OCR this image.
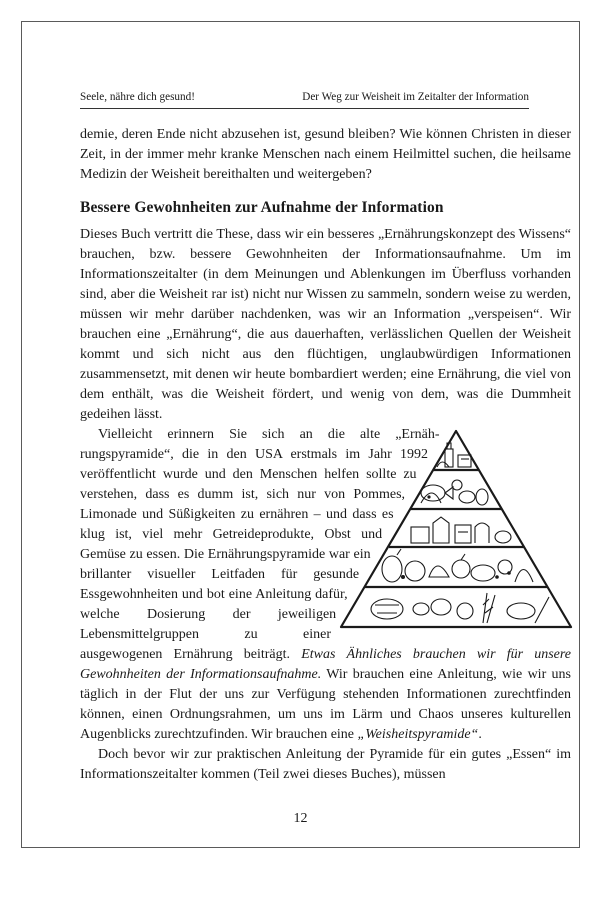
Seele, nähre dich gesund!	Der Weg zur Weisheit im Zeitalter der Information

demie, deren Ende nicht abzusehen ist, gesund bleiben? Wie können Christen in dieser Zeit, in der immer mehr kranke Menschen nach einem Heilmittel suchen, die heilsame Medizin der Weisheit bereithalten und weitergeben?

Bessere Gewohnheiten zur Aufnahme der Information

Dieses Buch vertritt die These, dass wir ein besseres „Ernährungskonzept des Wissens“ brauchen, bzw. bessere Gewohnheiten der Informationsaufnahme. Um im Informationszeitalter (in dem Meinungen und Ablenkungen im Überfluss vorhanden sind, aber die Weisheit rar ist) nicht nur Wissen zu sammeln, sondern weise zu werden, müssen wir mehr darüber nachdenken, was wir an Information „verspeisen“. Wir brauchen eine „Ernährung“, die aus dauerhaften, verlässlichen Quellen der Weisheit kommt und sich nicht aus den flüchtigen, unglaubwürdigen Informationen zusammensetzt, mit denen wir heute bombardiert werden; eine Ernährung, die viel von dem enthält, was die Weisheit fördert, und wenig von dem, was die Dummheit gedeihen lässt.

Vielleicht erinnern Sie sich an die alte „Ernährungspyramide“, die in den USA erstmals im Jahr 1992 veröffentlicht wurde und den Menschen helfen sollte zu verstehen, dass es dumm ist, sich nur von Pommes, Limonade und Süßigkeiten zu ernähren – und dass es klug ist, viel mehr Getreideprodukte, Obst und Gemüse zu essen. Die Ernährungspyramide war ein brillanter visueller Leitfaden für gesunde Essgewohnheiten und bot eine Anleitung dafür, welche Dosierung der jeweiligen Lebensmittelgruppen zu einer ausgewogenen Ernährung beiträgt. Etwas Ähnliches brauchen wir für unsere Gewohnheiten der Informationsaufnahme. Wir brauchen eine Anleitung, wie wir uns täglich in der Flut der uns zur Verfügung stehenden Informationen zurechtfinden können, einen Ordnungsrahmen, um uns im Lärm und Chaos unseres kulturellen Augenblicks zurechtzufinden. Wir brauchen eine „Weisheitspyramide“.

Doch bevor wir zur praktischen Anleitung der Pyramide für ein gutes „Essen“ im Informationszeitalter kommen (Teil zwei dieses Buches), müssen

12
